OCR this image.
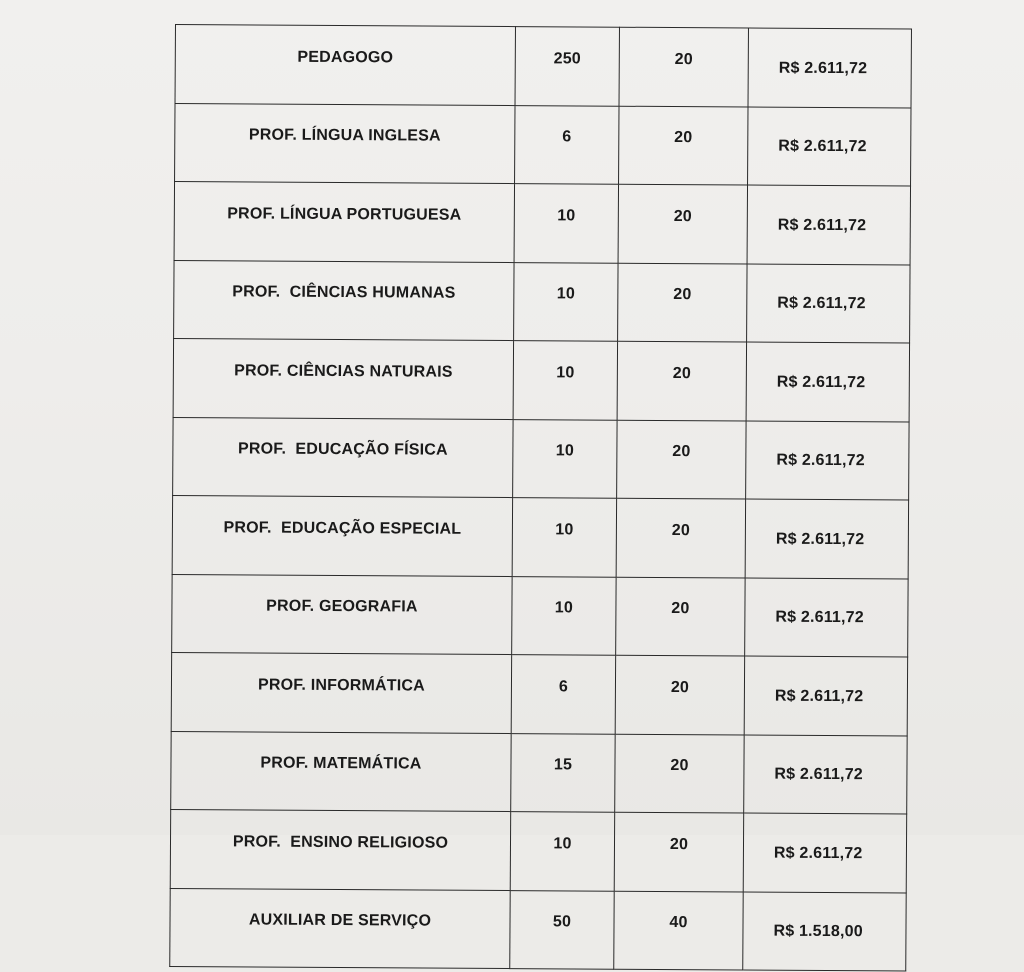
PEDAGOGO	250	20	R$ 2.611,72
PROF. LÍNGUA INGLESA	6	20	R$ 2.611,72
PROF. LÍNGUA PORTUGUESA	10	20	R$ 2.611,72
PROF.  CIÊNCIAS HUMANAS	10	20	R$ 2.611,72
PROF. CIÊNCIAS NATURAIS	10	20	R$ 2.611,72
PROF.  EDUCAÇÃO FÍSICA	10	20	R$ 2.611,72
PROF.  EDUCAÇÃO ESPECIAL	10	20	R$ 2.611,72
PROF. GEOGRAFIA	10	20	R$ 2.611,72
PROF. INFORMÁTICA	6	20	R$ 2.611,72
PROF. MATEMÁTICA	15	20	R$ 2.611,72
PROF.  ENSINO RELIGIOSO	10	20	R$ 2.611,72
AUXILIAR DE SERVIÇO	50	40	R$ 1.518,00
